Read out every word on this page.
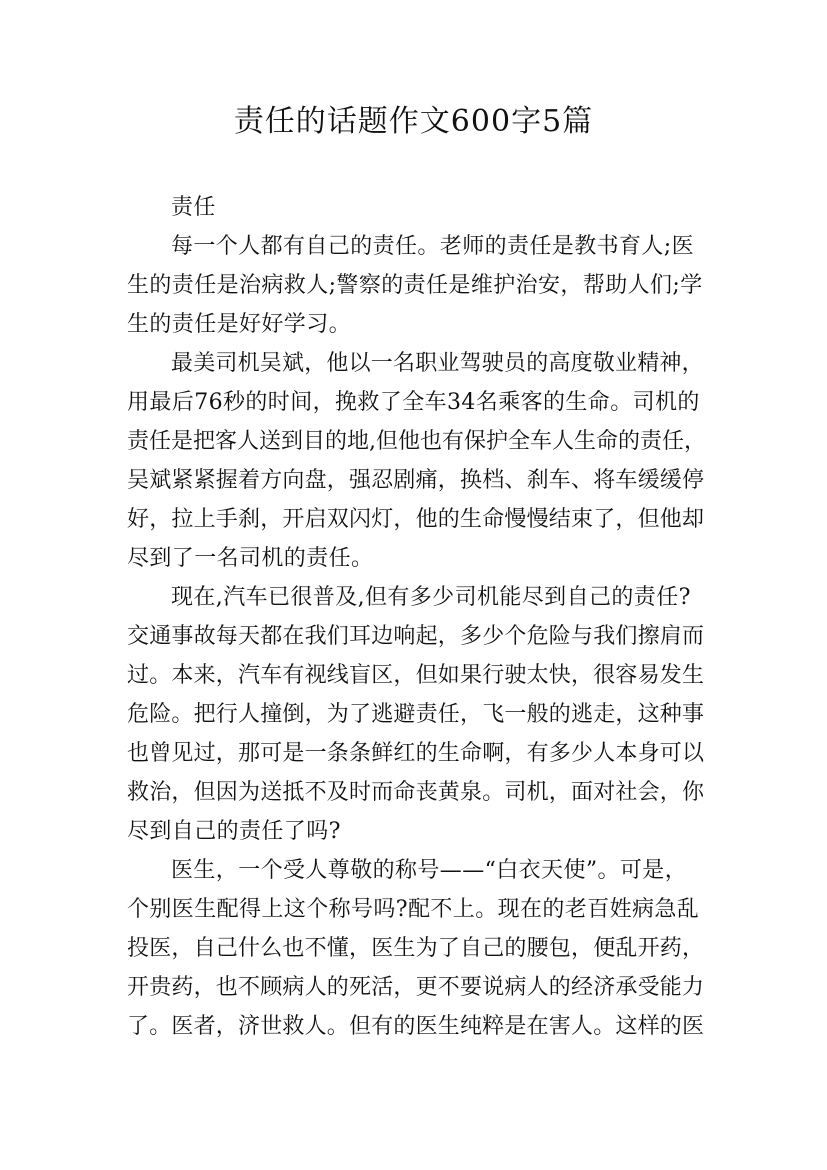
责任的话题作文600字5篇
责任
每一个人都有自己的责任。老师的责任是教书育人;医
生的责任是治病救人;警察的责任是维护治安，帮助人们;学
生的责任是好好学习。
最美司机吴斌，他以一名职业驾驶员的高度敬业精神，
用最后76秒的时间，挽救了全车34名乘客的生命。司机的
责任是把客人送到目的地,但他也有保护全车人生命的责任，
吴斌紧紧握着方向盘，强忍剧痛，换档、刹车、将车缓缓停
好，拉上手刹，开启双闪灯，他的生命慢慢结束了，但他却
尽到了一名司机的责任。
现在,汽车已很普及,但有多少司机能尽到自己的责任?
交通事故每天都在我们耳边响起，多少个危险与我们擦肩而
过。本来，汽车有视线盲区，但如果行驶太快，很容易发生
危险。把行人撞倒，为了逃避责任，飞一般的逃走，这种事
也曾见过，那可是一条条鲜红的生命啊，有多少人本身可以
救治，但因为送抵不及时而命丧黄泉。司机，面对社会，你
尽到自己的责任了吗?
医生，一个受人尊敬的称号——“白衣天使”。可是，
个别医生配得上这个称号吗?配不上。现在的老百姓病急乱
投医，自己什么也不懂，医生为了自己的腰包，便乱开药，
开贵药，也不顾病人的死活，更不要说病人的经济承受能力
了。医者，济世救人。但有的医生纯粹是在害人。这样的医
